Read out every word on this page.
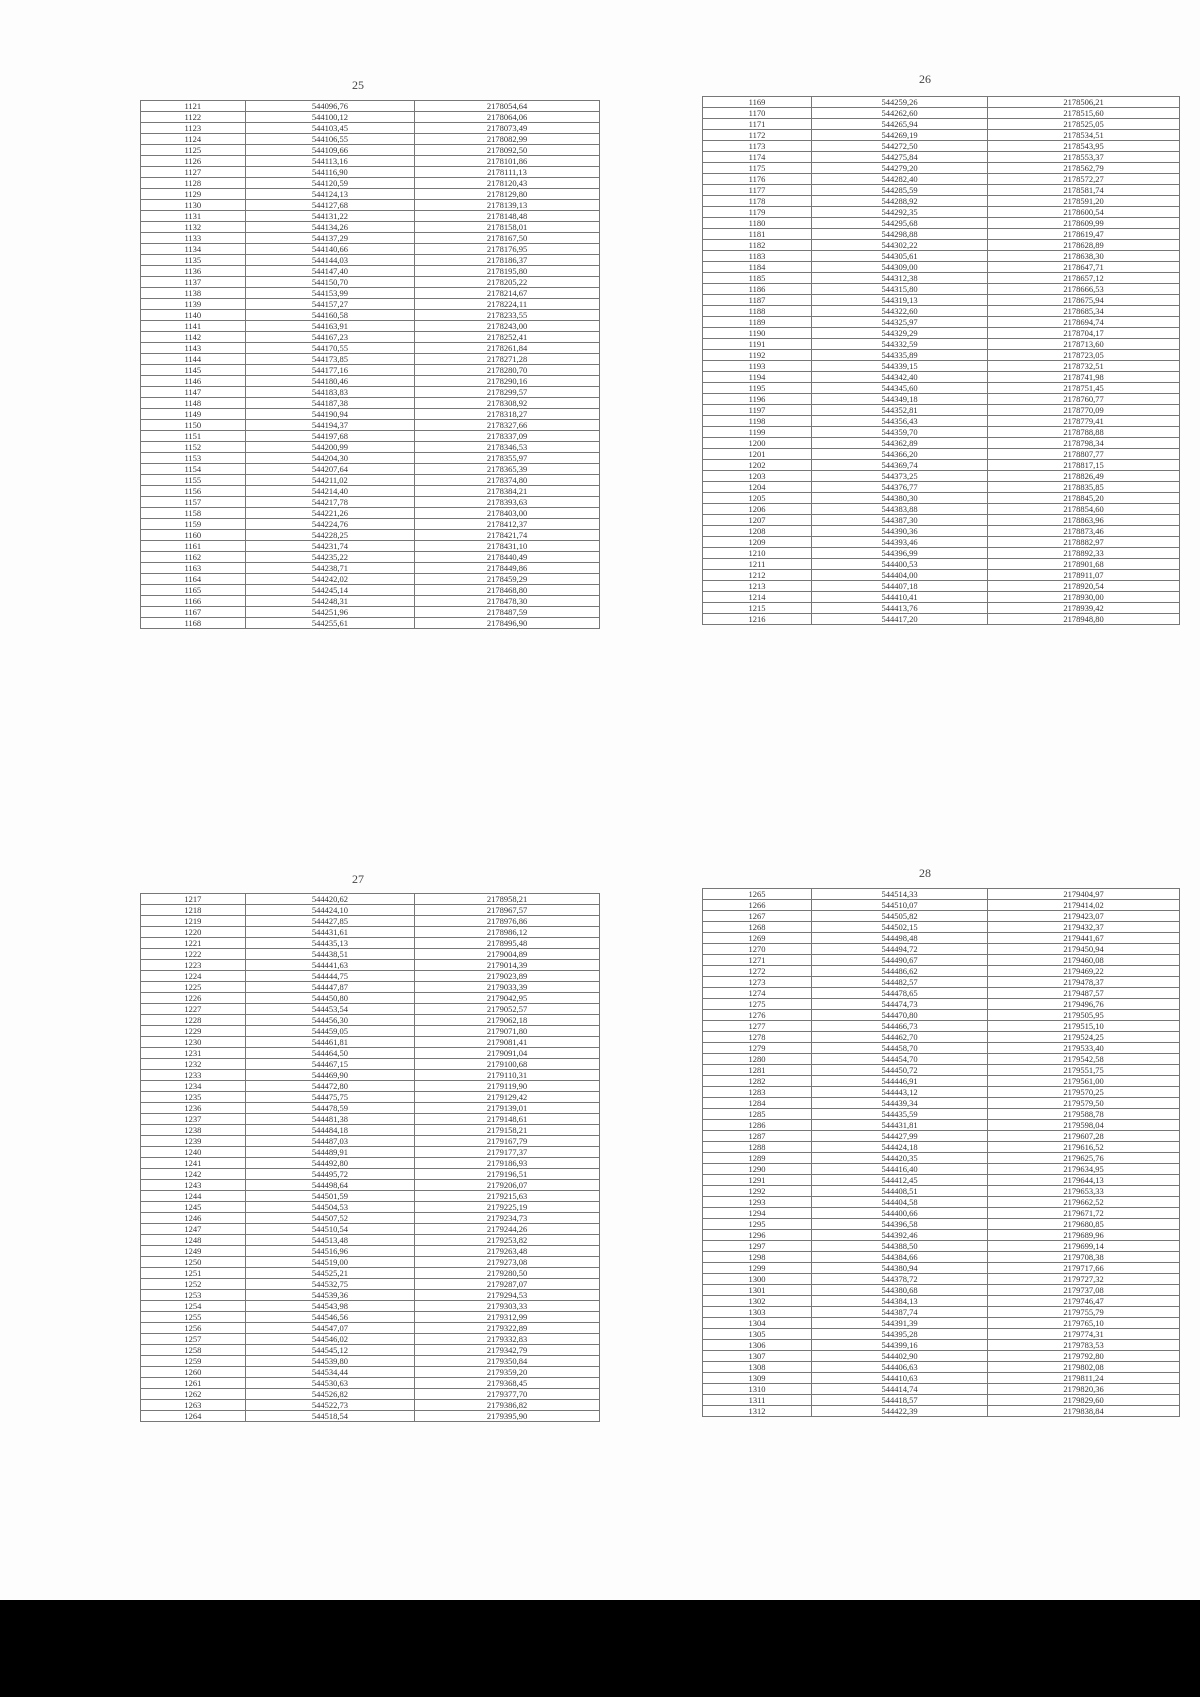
25
1121	544096,76	2178054,64
1122	544100,12	2178064,06
1123	544103,45	2178073,49
1124	544106,55	2178082,99
1125	544109,66	2178092,50
1126	544113,16	2178101,86
1127	544116,90	2178111,13
1128	544120,59	2178120,43
1129	544124,13	2178129,80
1130	544127,68	2178139,13
1131	544131,22	2178148,48
1132	544134,26	2178158,01
1133	544137,29	2178167,50
1134	544140,66	2178176,95
1135	544144,03	2178186,37
1136	544147,40	2178195,80
1137	544150,70	2178205,22
1138	544153,99	2178214,67
1139	544157,27	2178224,11
1140	544160,58	2178233,55
1141	544163,91	2178243,00
1142	544167,23	2178252,41
1143	544170,55	2178261,84
1144	544173,85	2178271,28
1145	544177,16	2178280,70
1146	544180,46	2178290,16
1147	544183,83	2178299,57
1148	544187,38	2178308,92
1149	544190,94	2178318,27
1150	544194,37	2178327,66
1151	544197,68	2178337,09
1152	544200,99	2178346,53
1153	544204,30	2178355,97
1154	544207,64	2178365,39
1155	544211,02	2178374,80
1156	544214,40	2178384,21
1157	544217,78	2178393,63
1158	544221,26	2178403,00
1159	544224,76	2178412,37
1160	544228,25	2178421,74
1161	544231,74	2178431,10
1162	544235,22	2178440,49
1163	544238,71	2178449,86
1164	544242,02	2178459,29
1165	544245,14	2178468,80
1166	544248,31	2178478,30
1167	544251,96	2178487,59
1168	544255,61	2178496,90
26
1169	544259,26	2178506,21
1170	544262,60	2178515,60
1171	544265,94	2178525,05
1172	544269,19	2178534,51
1173	544272,50	2178543,95
1174	544275,84	2178553,37
1175	544279,20	2178562,79
1176	544282,40	2178572,27
1177	544285,59	2178581,74
1178	544288,92	2178591,20
1179	544292,35	2178600,54
1180	544295,68	2178609,99
1181	544298,88	2178619,47
1182	544302,22	2178628,89
1183	544305,61	2178638,30
1184	544309,00	2178647,71
1185	544312,38	2178657,12
1186	544315,80	2178666,53
1187	544319,13	2178675,94
1188	544322,60	2178685,34
1189	544325,97	2178694,74
1190	544329,29	2178704,17
1191	544332,59	2178713,60
1192	544335,89	2178723,05
1193	544339,15	2178732,51
1194	544342,40	2178741,98
1195	544345,60	2178751,45
1196	544349,18	2178760,77
1197	544352,81	2178770,09
1198	544356,43	2178779,41
1199	544359,70	2178788,88
1200	544362,89	2178798,34
1201	544366,20	2178807,77
1202	544369,74	2178817,15
1203	544373,25	2178826,49
1204	544376,77	2178835,85
1205	544380,30	2178845,20
1206	544383,88	2178854,60
1207	544387,30	2178863,96
1208	544390,36	2178873,46
1209	544393,46	2178882,97
1210	544396,99	2178892,33
1211	544400,53	2178901,68
1212	544404,00	2178911,07
1213	544407,18	2178920,54
1214	544410,41	2178930,00
1215	544413,76	2178939,42
1216	544417,20	2178948,80
27
1217	544420,62	2178958,21
1218	544424,10	2178967,57
1219	544427,85	2178976,86
1220	544431,61	2178986,12
1221	544435,13	2178995,48
1222	544438,51	2179004,89
1223	544441,63	2179014,39
1224	544444,75	2179023,89
1225	544447,87	2179033,39
1226	544450,80	2179042,95
1227	544453,54	2179052,57
1228	544456,30	2179062,18
1229	544459,05	2179071,80
1230	544461,81	2179081,41
1231	544464,50	2179091,04
1232	544467,15	2179100,68
1233	544469,90	2179110,31
1234	544472,80	2179119,90
1235	544475,75	2179129,42
1236	544478,59	2179139,01
1237	544481,38	2179148,61
1238	544484,18	2179158,21
1239	544487,03	2179167,79
1240	544489,91	2179177,37
1241	544492,80	2179186,93
1242	544495,72	2179196,51
1243	544498,64	2179206,07
1244	544501,59	2179215,63
1245	544504,53	2179225,19
1246	544507,52	2179234,73
1247	544510,54	2179244,26
1248	544513,48	2179253,82
1249	544516,96	2179263,48
1250	544519,00	2179273,08
1251	544525,21	2179280,50
1252	544532,75	2179287,07
1253	544539,36	2179294,53
1254	544543,98	2179303,33
1255	544546,56	2179312,99
1256	544547,07	2179322,89
1257	544546,02	2179332,83
1258	544545,12	2179342,79
1259	544539,80	2179350,84
1260	544534,44	2179359,20
1261	544530,63	2179368,45
1262	544526,82	2179377,70
1263	544522,73	2179386,82
1264	544518,54	2179395,90
28
1265	544514,33	2179404,97
1266	544510,07	2179414,02
1267	544505,82	2179423,07
1268	544502,15	2179432,37
1269	544498,48	2179441,67
1270	544494,72	2179450,94
1271	544490,67	2179460,08
1272	544486,62	2179469,22
1273	544482,57	2179478,37
1274	544478,65	2179487,57
1275	544474,73	2179496,76
1276	544470,80	2179505,95
1277	544466,73	2179515,10
1278	544462,70	2179524,25
1279	544458,70	2179533,40
1280	544454,70	2179542,58
1281	544450,72	2179551,75
1282	544446,91	2179561,00
1283	544443,12	2179570,25
1284	544439,34	2179579,50
1285	544435,59	2179588,78
1286	544431,81	2179598,04
1287	544427,99	2179607,28
1288	544424,18	2179616,52
1289	544420,35	2179625,76
1290	544416,40	2179634,95
1291	544412,45	2179644,13
1292	544408,51	2179653,33
1293	544404,58	2179662,52
1294	544400,66	2179671,72
1295	544396,58	2179680,85
1296	544392,46	2179689,96
1297	544388,50	2179699,14
1298	544384,66	2179708,38
1299	544380,94	2179717,66
1300	544378,72	2179727,32
1301	544380,68	2179737,08
1302	544384,13	2179746,47
1303	544387,74	2179755,79
1304	544391,39	2179765,10
1305	544395,28	2179774,31
1306	544399,16	2179783,53
1307	544402,90	2179792,80
1308	544406,63	2179802,08
1309	544410,63	2179811,24
1310	544414,74	2179820,36
1311	544418,57	2179829,60
1312	544422,39	2179838,84
